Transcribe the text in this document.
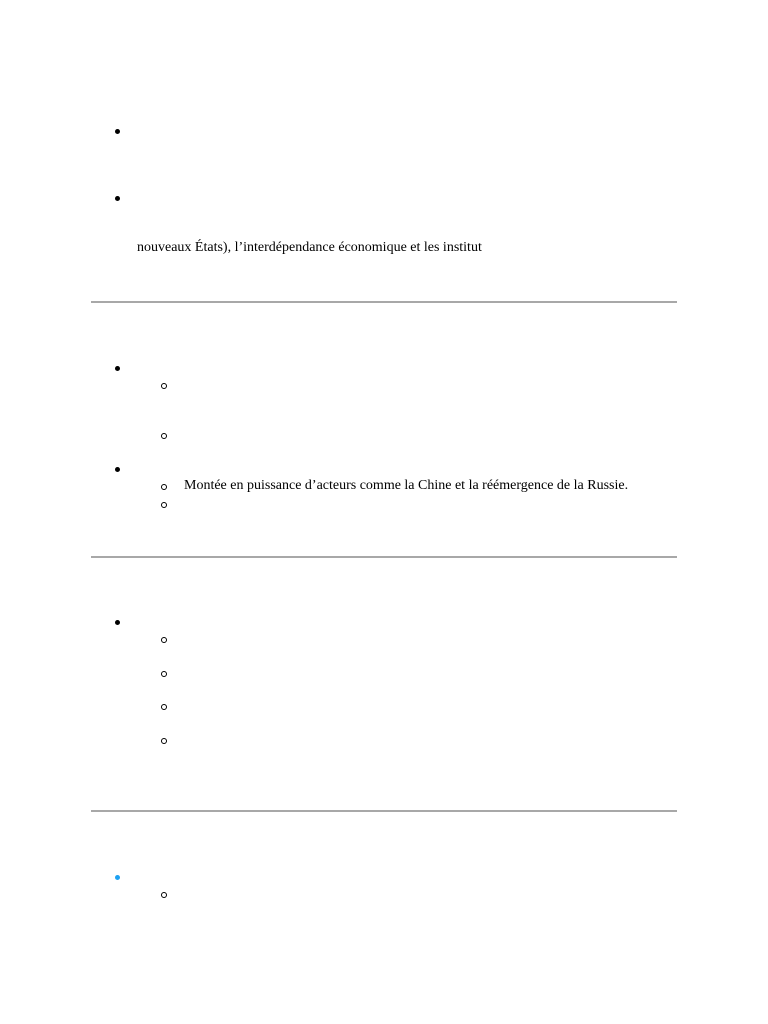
nouveaux États), l’interdépendance économique et les institut
Montée en puissance d’acteurs comme la Chine et la réémergence de la Russie.
